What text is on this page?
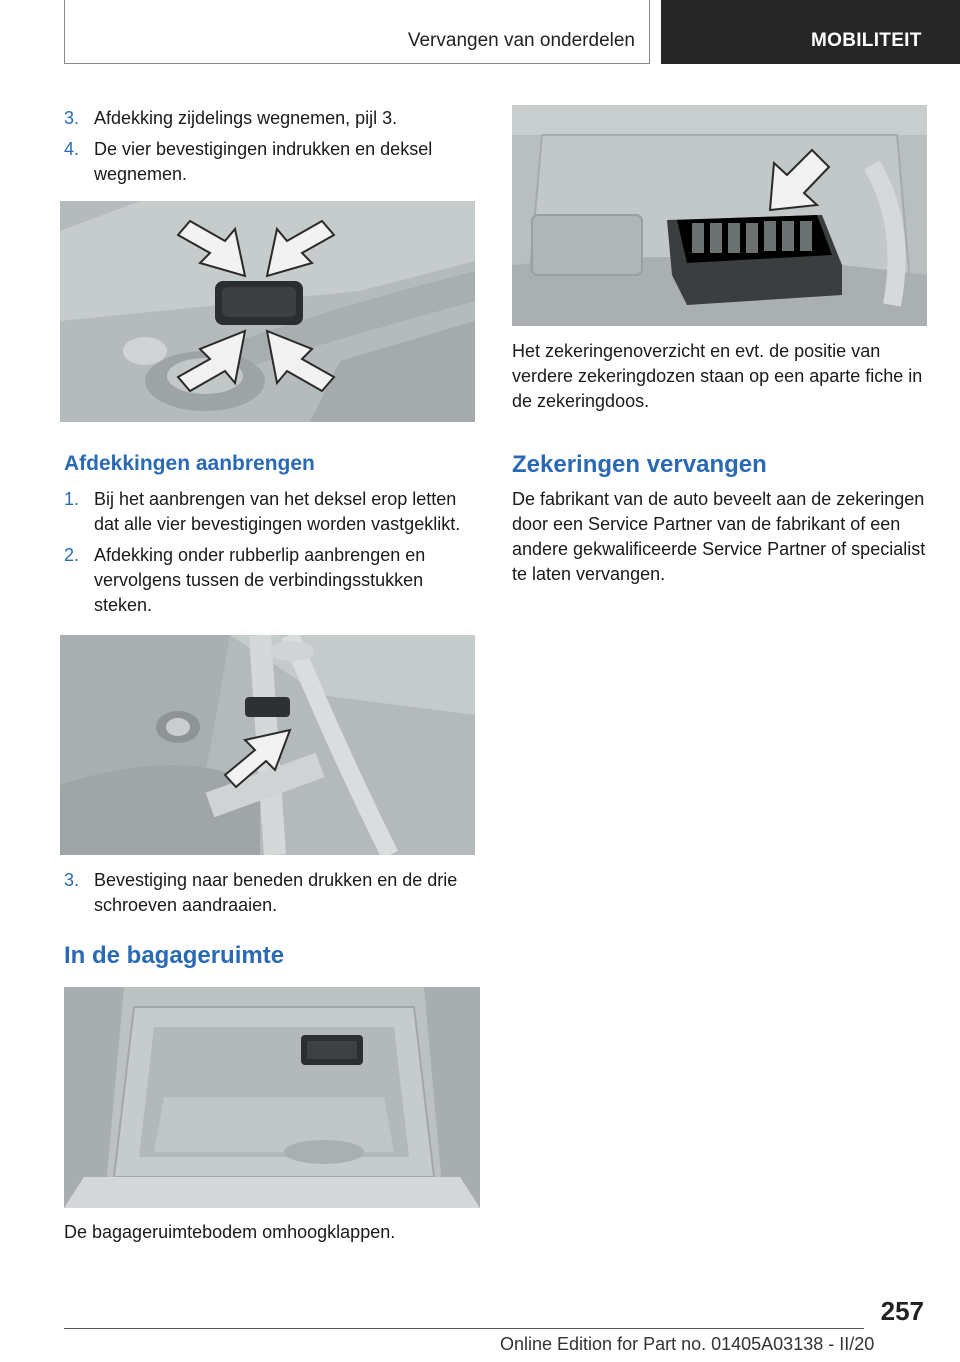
Vervangen van onderdelen	MOBILITEIT

3. Afdekking zijdelings wegnemen, pijl 3.

4. De vier bevestigingen indrukken en deksel wegnemen.

Afdekkingen aanbrengen

1. Bij het aanbrengen van het deksel erop letten dat alle vier bevestigingen worden vastgeklikt.

2. Afdekking onder rubberlip aanbrengen en vervolgens tussen de verbindingsstukken steken.

3. Bevestiging naar beneden drukken en de drie schroeven aandraaien.

In de bagageruimte

De bagageruimtebodem omhoogklappen.

Het zekeringenoverzicht en evt. de positie van verdere zekeringdozen staan op een aparte fiche in de zekeringdoos.

Zekeringen vervangen

De fabrikant van de auto beveelt aan de zekeringen door een Service Partner van de fabrikant of een andere gekwalificeerde Service Partner of specialist te laten vervangen.

257
Online Edition for Part no. 01405A03138 - II/20
